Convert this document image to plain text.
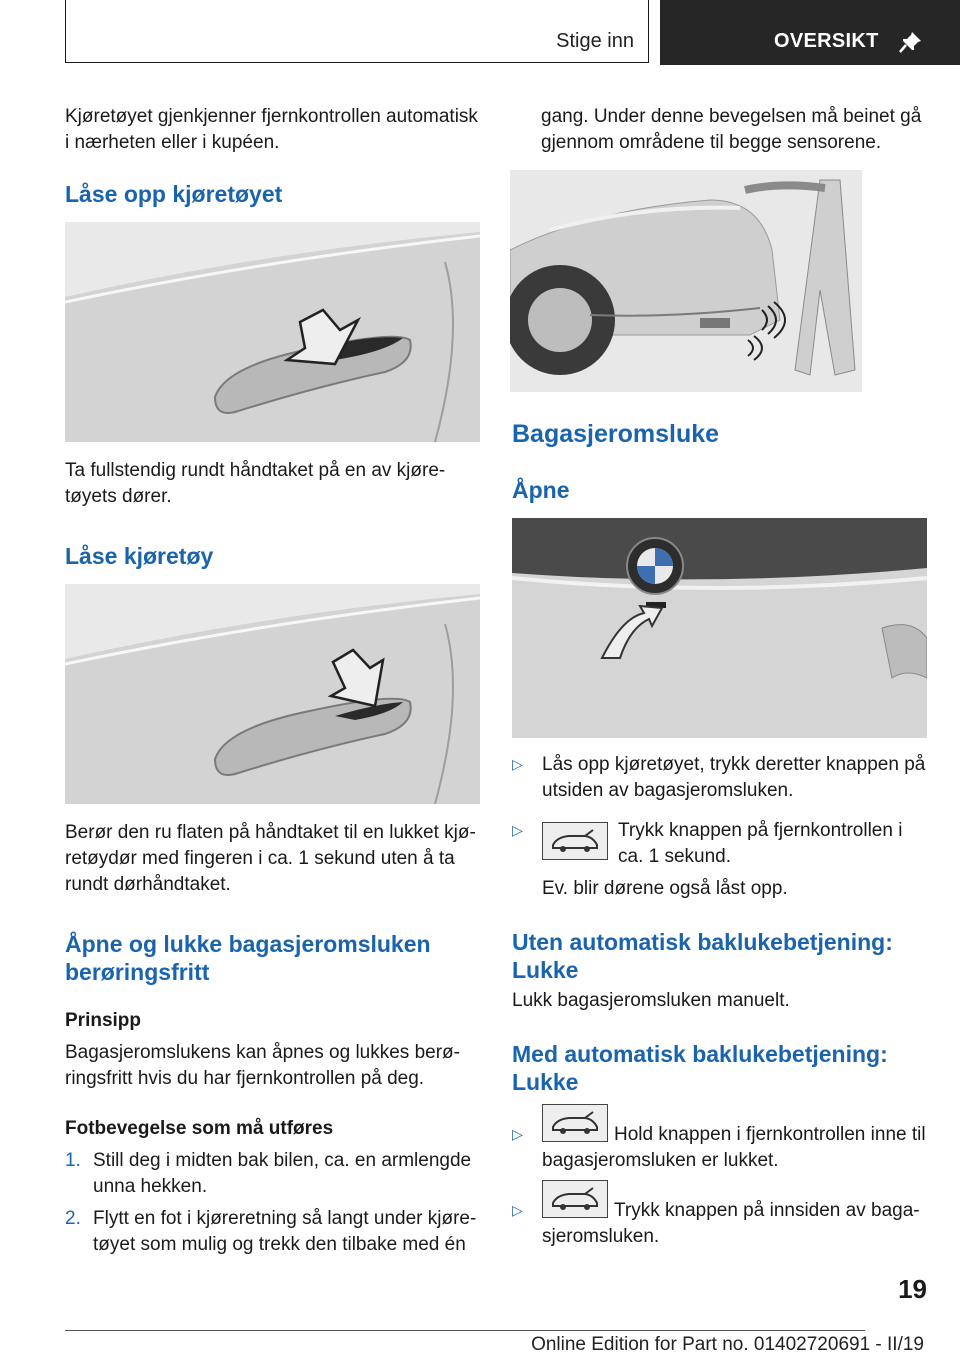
Stige inn	OVERSIKT

Kjøretøyet gjenkjenner fjernkontrollen automatisk i nærheten eller i kupéen.

Låse opp kjøretøyet

Ta fullstendig rundt håndtaket på en av kjøre-tøyets dører.

Låse kjøretøy

Berør den ru flaten på håndtaket til en lukket kjø-retøydør med fingeren i ca. 1 sekund uten å ta rundt dørhåndtaket.

Åpne og lukke bagasjeromsluken berøringsfritt
Prinsipp

Bagasjeromslukens kan åpnes og lukkes berø-ringsfritt hvis du har fjernkontrollen på deg.

Fotbevegelse som må utføres

1. Still deg i midten bak bilen, ca. en armlengde unna hekken.

2. Flytt en fot i kjøreretning så langt under kjøre-tøyet som mulig og trekk den tilbake med én

gang. Under denne bevegelsen må beinet gå gjennom områdene til begge sensorene.

Bagasjeromsluke
Åpne
▷ Lås opp kjøretøyet, trykk deretter knappen på utsiden av bagasjeromsluken.

▷	Trykk knappen på fjernkontrollen i ca. 1 sekund.

Ev. blir dørene også låst opp.

Uten automatisk baklukebetjening: Lukke

Lukk bagasjeromsluken manuelt.

Med automatisk baklukebetjening: Lukke
▷	Hold knappen i fjernkontrollen inne til bagasjeromsluken er lukket.

▷	Trykk knappen på innsiden av baga-sjeromsluken.

19
Online Edition for Part no. 01402720691 - II/19
